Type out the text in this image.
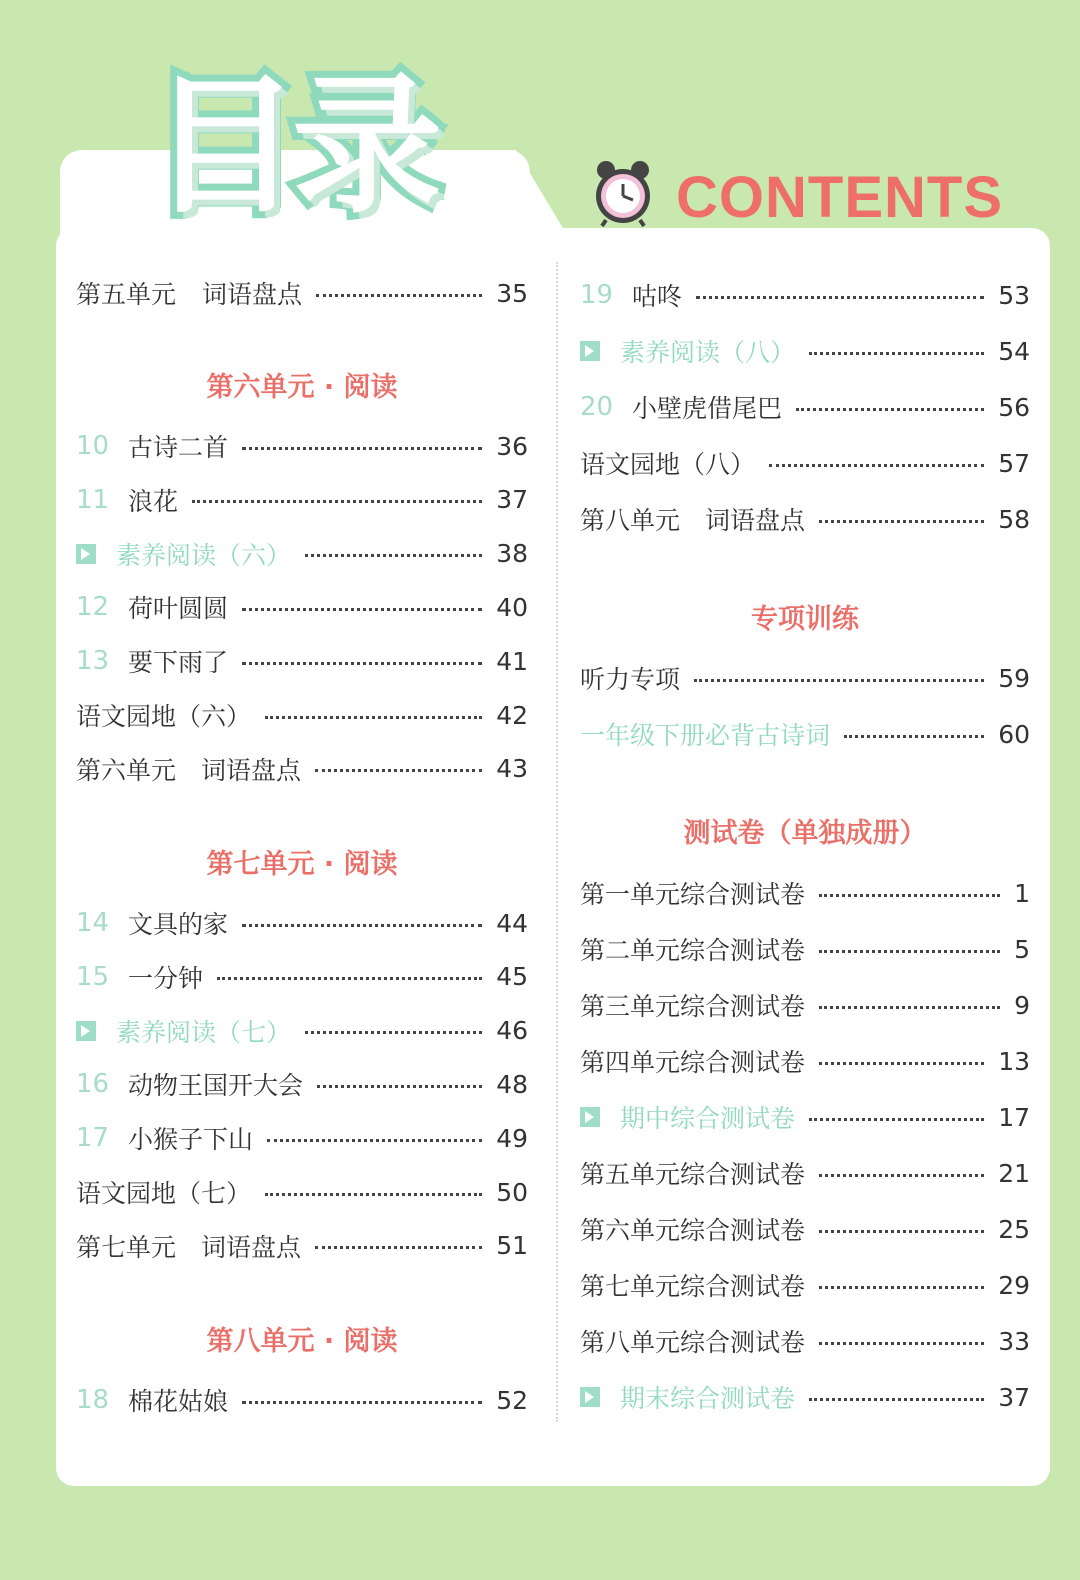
目录	CONTENTS
第五单元 词语盘点	35
第六单元 · 阅读
10 古诗二首	36
11 浪花	37
素养阅读（六）	38
12 荷叶圆圆	40
13 要下雨了	41
语文园地（六）	42
第六单元　词语盘点	43
第七单元 · 阅读
14 文具的家	44
15 一分钟	45
素养阅读（七）	46
16 动物王国开大会	48
17 小猴子下山	49
语文园地（七）	50
第七单元　词语盘点	51
第八单元 · 阅读
18 棉花姑娘	52
19 咕咚	53
素养阅读（八）	54
20 小壁虎借尾巴	56
语文园地（八）	57
第八单元　词语盘点	58
专项训练
听力专项	59
一年级下册必背古诗词	60
测试卷（单独成册）
第一单元综合测试卷	1
第二单元综合测试卷	5
第三单元综合测试卷	9
第四单元综合测试卷	13
期中综合测试卷	17
第五单元综合测试卷	21
第六单元综合测试卷	25
第七单元综合测试卷	29
第八单元综合测试卷	33
期末综合测试卷	37
